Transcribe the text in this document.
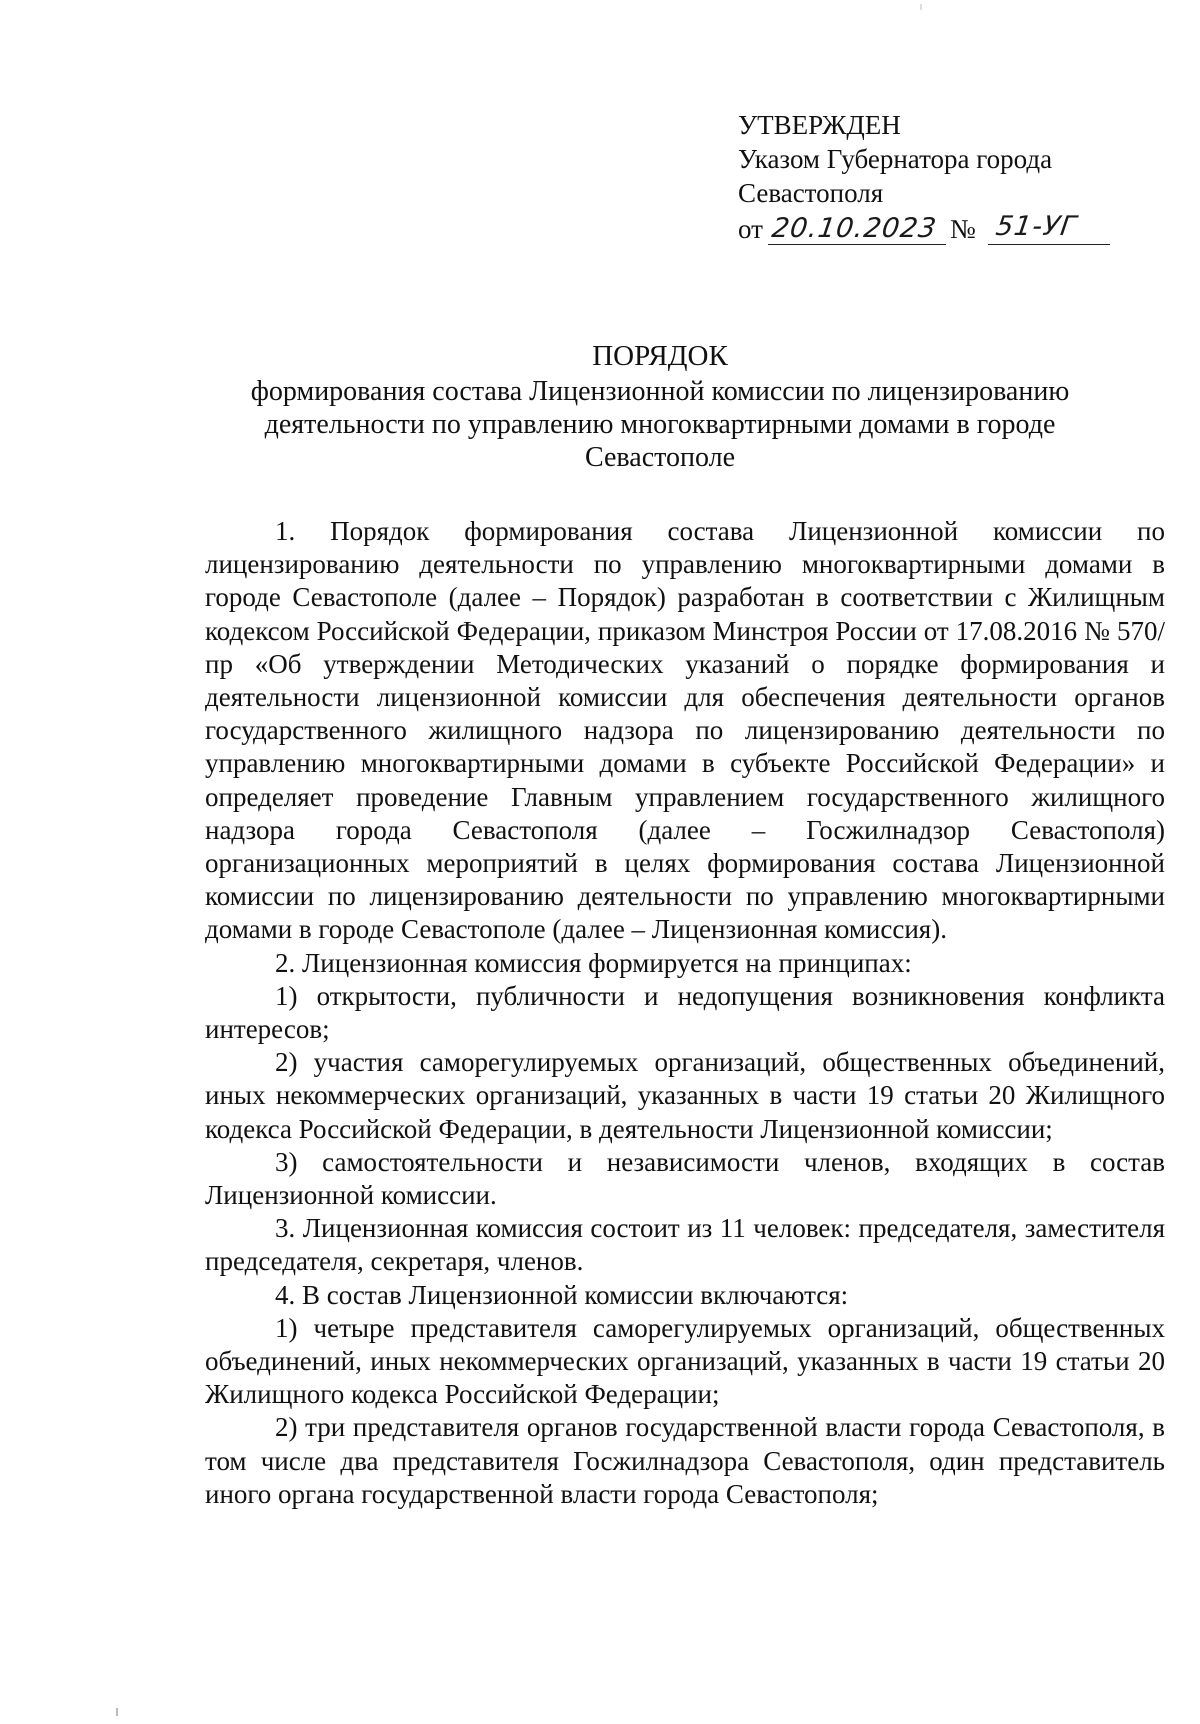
УТВЕРЖДЕН
Указом Губернатора города
Севастополя
от 20.10.2023 № 51-УГ
ПОРЯДОК
формирования состава Лицензионной комиссии по лицензированию
деятельности по управлению многоквартирными домами в городе
Севастополе

1. Порядок формирования состава Лицензионной комиссии по лицензированию деятельности по управлению многоквартирными домами в городе Севастополе (далее – Порядок) разработан в соответствии с Жилищным кодексом Российской Федерации, приказом Минстроя России от 17.08.2016 № 570/пр «Об утверждении Методических указаний о порядке формирования и деятельности лицензионной комиссии для обеспечения деятельности органов государственного жилищного надзора по лицензированию деятельности по управлению многоквартирными домами в субъекте Российской Федерации» и определяет проведение Главным управлением государственного жилищного надзора города Севастополя (далее – Госжилнадзор Севастополя) организационных мероприятий в целях формирования состава Лицензионной комиссии по лицензированию деятельности по управлению многоквартирными домами в городе Севастополе (далее – Лицензионная комиссия).

2. Лицензионная комиссия формируется на принципах:

1) открытости, публичности и недопущения возникновения конфликта интересов;

2) участия саморегулируемых организаций, общественных объединений, иных некоммерческих организаций, указанных в части 19 статьи 20 Жилищного кодекса Российской Федерации, в деятельности Лицензионной комиссии;

3) самостоятельности и независимости членов, входящих в состав Лицензионной комиссии.

3. Лицензионная комиссия состоит из 11 человек: председателя, заместителя председателя, секретаря, членов.

4. В состав Лицензионной комиссии включаются:

1) четыре представителя саморегулируемых организаций, общественных объединений, иных некоммерческих организаций, указанных в части 19 статьи 20 Жилищного кодекса Российской Федерации;

2) три представителя органов государственной власти города Севастополя, в том числе два представителя Госжилнадзора Севастополя, один представитель иного органа государственной власти города Севастополя;
